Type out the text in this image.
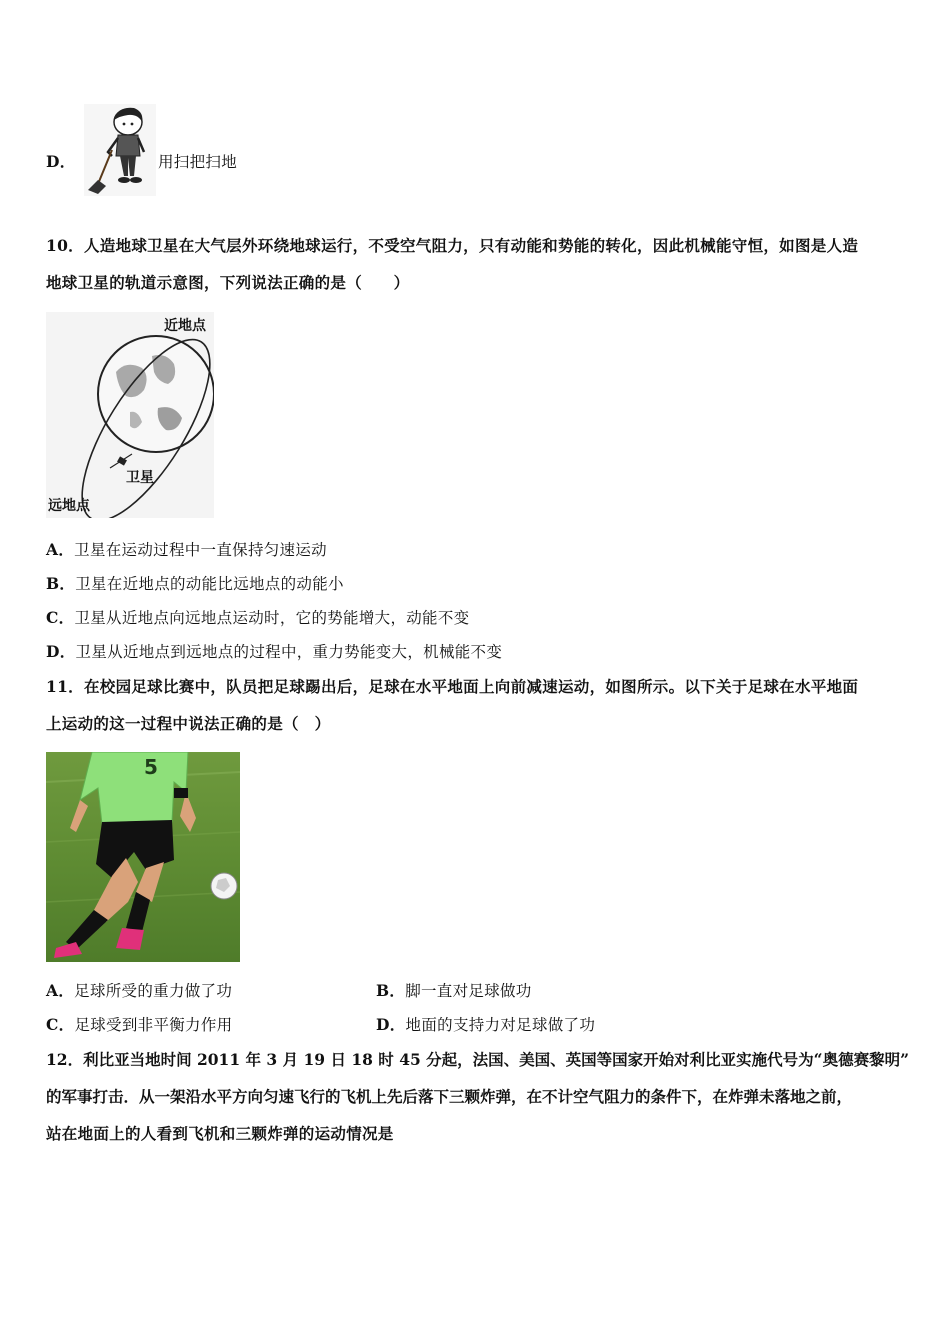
D．	用扫把扫地
10．人造地球卫星在大气层外环绕地球运行，不受空气阻力，只有动能和势能的转化，因此机械能守恒，如图是人造
地球卫星的轨道示意图，下列说法正确的是（　　）
近地点
卫星
远地点
A．卫星在运动过程中一直保持匀速运动
B．卫星在近地点的动能比远地点的动能小
C．卫星从近地点向远地点运动时，它的势能增大，动能不变
D．卫星从近地点到远地点的过程中，重力势能变大，机械能不变
11．在校园足球比赛中，队员把足球踢出后，足球在水平地面上向前减速运动，如图所示。以下关于足球在水平地面
上运动的这一过程中说法正确的是（　）
5
A．足球所受的重力做了功	B．脚一直对足球做功
C．足球受到非平衡力作用	D．地面的支持力对足球做了功
12．利比亚当地时间 2011 年 3 月 19 日 18 时 45 分起，法国、美国、英国等国家开始对利比亚实施代号为“奥德赛黎明”
的军事打击．从一架沿水平方向匀速飞行的飞机上先后落下三颗炸弹，在不计空气阻力的条件下，在炸弹未落地之前，
站在地面上的人看到飞机和三颗炸弹的运动情况是
